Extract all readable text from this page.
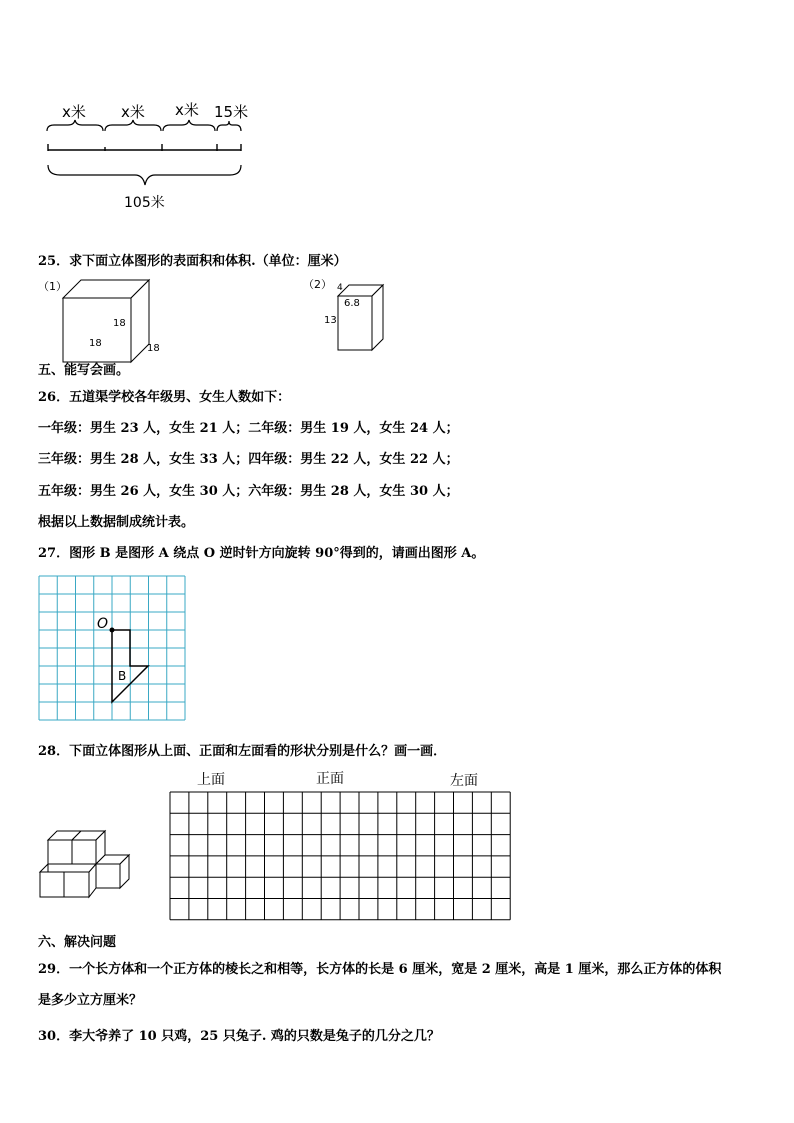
x米 x米 x米 15米
105米
25．求下面立体图形的表面积和体积.（单位：厘米）
（1）
18
18	18
（2） 4
6.8
13
五、能写会画。
26．五道渠学校各年级男、女生人数如下：
一年级：男生 23 人，女生 21 人；二年级：男生 19 人，女生 24 人；
三年级：男生 28 人，女生 33 人；四年级：男生 22 人，女生 22 人；
五年级：男生 26 人，女生 30 人；六年级：男生 28 人，女生 30 人；
根据以上数据制成统计表。
27．图形 B 是图形 A 绕点 O 逆时针方向旋转 90°得到的，请画出图形 A。
O
B
28．下面立体图形从上面、正面和左面看的形状分别是什么？画一画．
上面	正面	左面
六、解决问题
29．一个长方体和一个正方体的棱长之和相等，长方体的长是 6 厘米，宽是 2 厘米，高是 1 厘米，那么正方体的体积
是多少立方厘米？
30．李大爷养了 10 只鸡，25 只兔子. 鸡的只数是兔子的几分之几？
